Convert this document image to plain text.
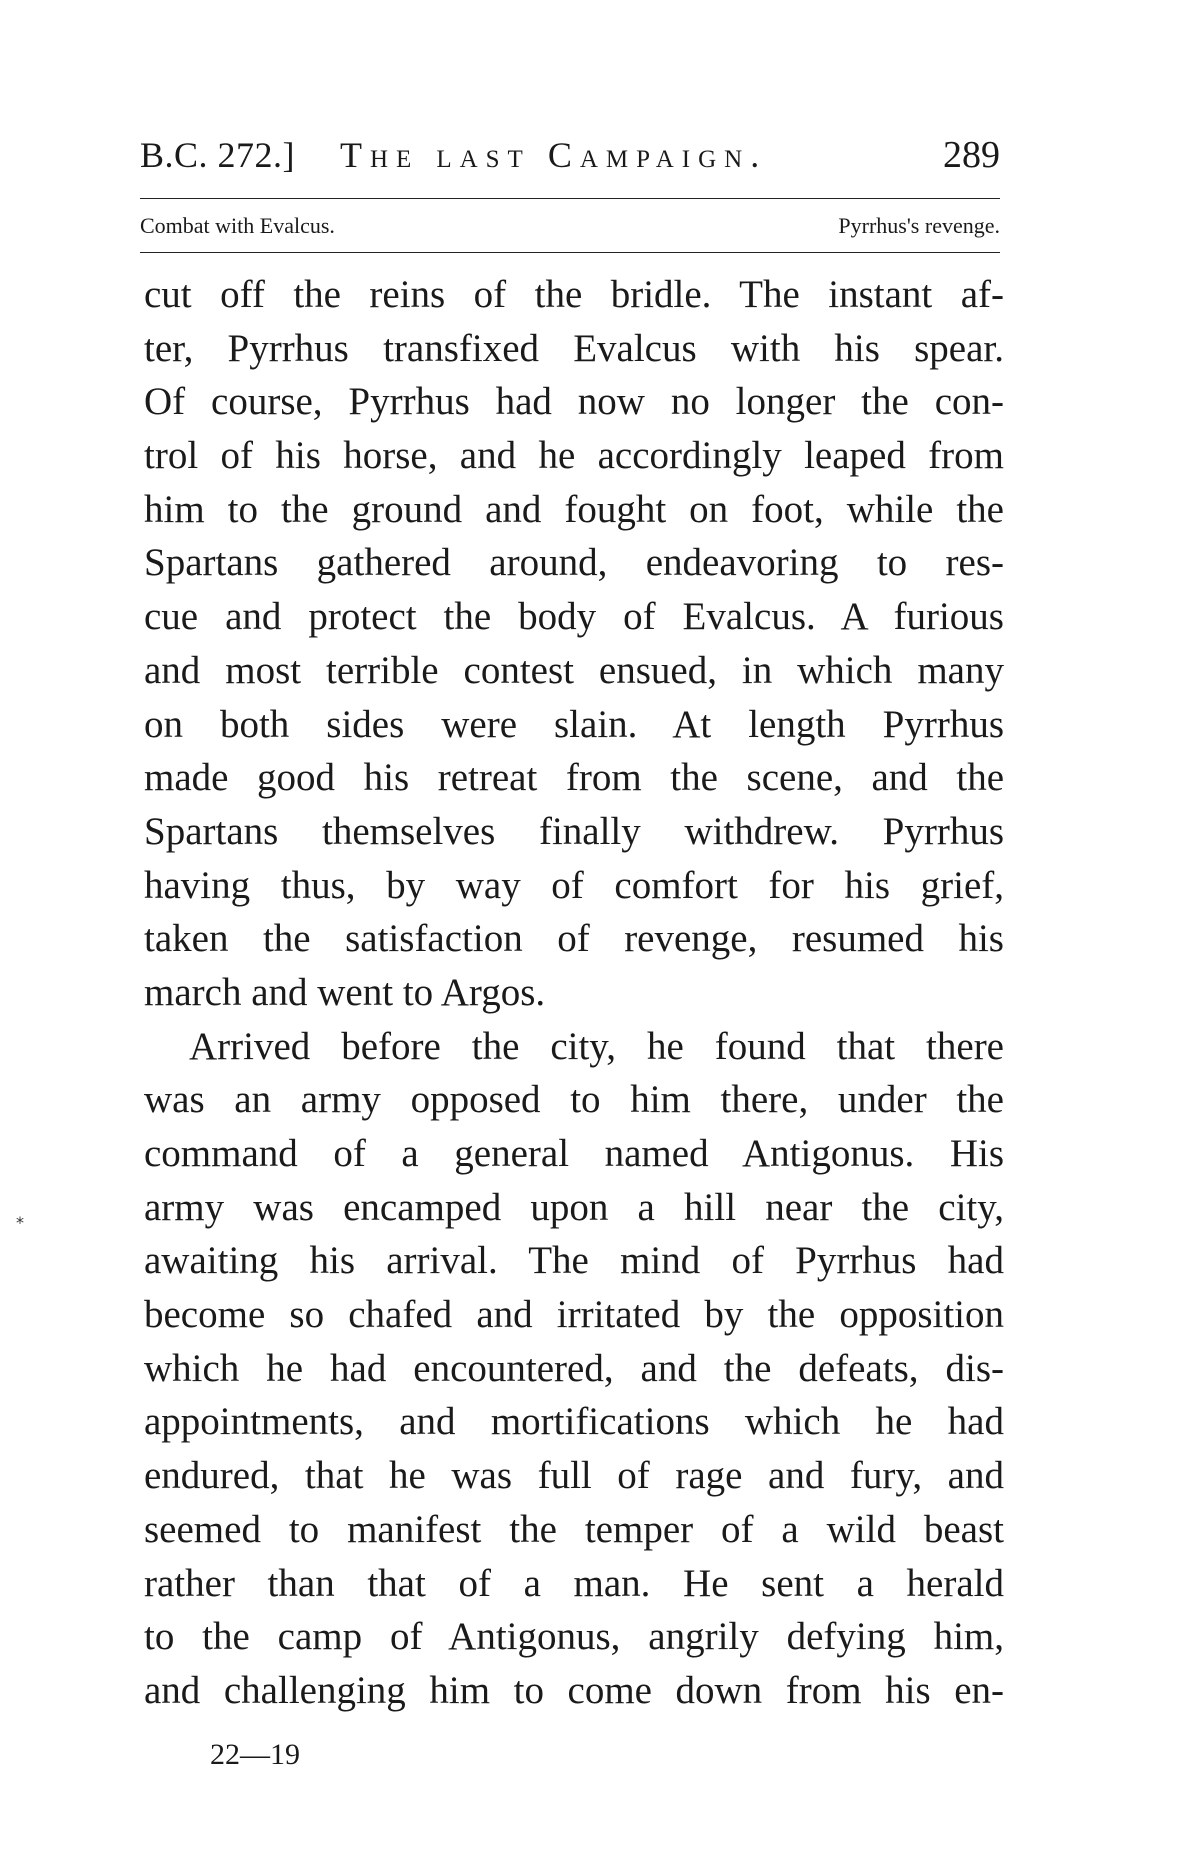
B.C. 272.] The last Campaign.	289
Combat with Evalcus.	Pyrrhus's revenge.
cut off the reins of the bridle. The instant af-
ter, Pyrrhus transfixed Evalcus with his spear.
Of course, Pyrrhus had now no longer the con-
trol of his horse, and he accordingly leaped from
him to the ground and fought on foot, while the
Spartans gathered around, endeavoring to res-
cue and protect the body of Evalcus. A furious
and most terrible contest ensued, in which many
on both sides were slain. At length Pyrrhus
made good his retreat from the scene, and the
Spartans themselves finally withdrew. Pyrrhus
having thus, by way of comfort for his grief,
taken the satisfaction of revenge, resumed his
march and went to Argos.
Arrived before the city, he found that there
was an army opposed to him there, under the
command of a general named Antigonus. His
army was encamped upon a hill near the city,
awaiting his arrival. The mind of Pyrrhus had
become so chafed and irritated by the opposition
which he had encountered, and the defeats, dis-
appointments, and mortifications which he had
endured, that he was full of rage and fury, and
seemed to manifest the temper of a wild beast
rather than that of a man. He sent a herald
to the camp of Antigonus, angrily defying him,
and challenging him to come down from his en-
22—19
*
